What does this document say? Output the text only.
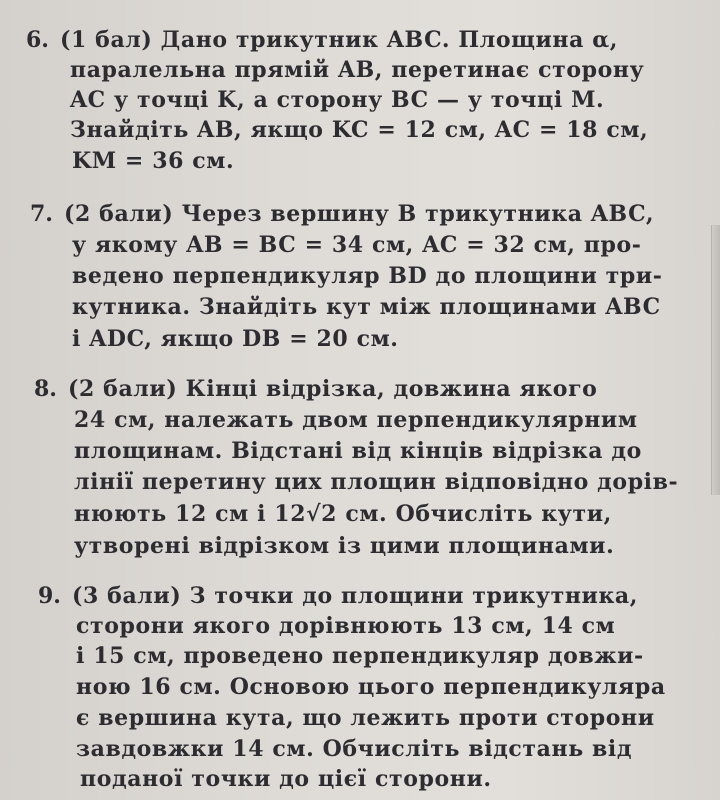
6. (1 бал) Дано трикутник ABC. Площина α,
паралельна прямій AB, перетинає сторону
AC у точці K, а сторону BC — у точці M.
Знайдіть AB, якщо KC = 12 см, AC = 18 см,
KM = 36 см.
7. (2 бали) Через вершину B трикутника ABC,
у якому AB = BC = 34 см, AC = 32 см, про-
ведено перпендикуляр BD до площини три-
кутника. Знайдіть кут між площинами ABC
і ADC, якщо DB = 20 см.
8. (2 бали) Кінці відрізка, довжина якого
24 см, належать двом перпендикулярним
площинам. Відстані від кінців відрізка до
лінії перетину цих площин відповідно дорів-
нюють 12 см і 12√2 см. Обчисліть кути,
утворені відрізком із цими площинами.
9. (3 бали) З точки до площини трикутника,
сторони якого дорівнюють 13 см, 14 см
і 15 см, проведено перпендикуляр довжи-
ною 16 см. Основою цього перпендикуляра
є вершина кута, що лежить проти сторони
завдовжки 14 см. Обчисліть відстань від
поданої точки до цієї сторони.
